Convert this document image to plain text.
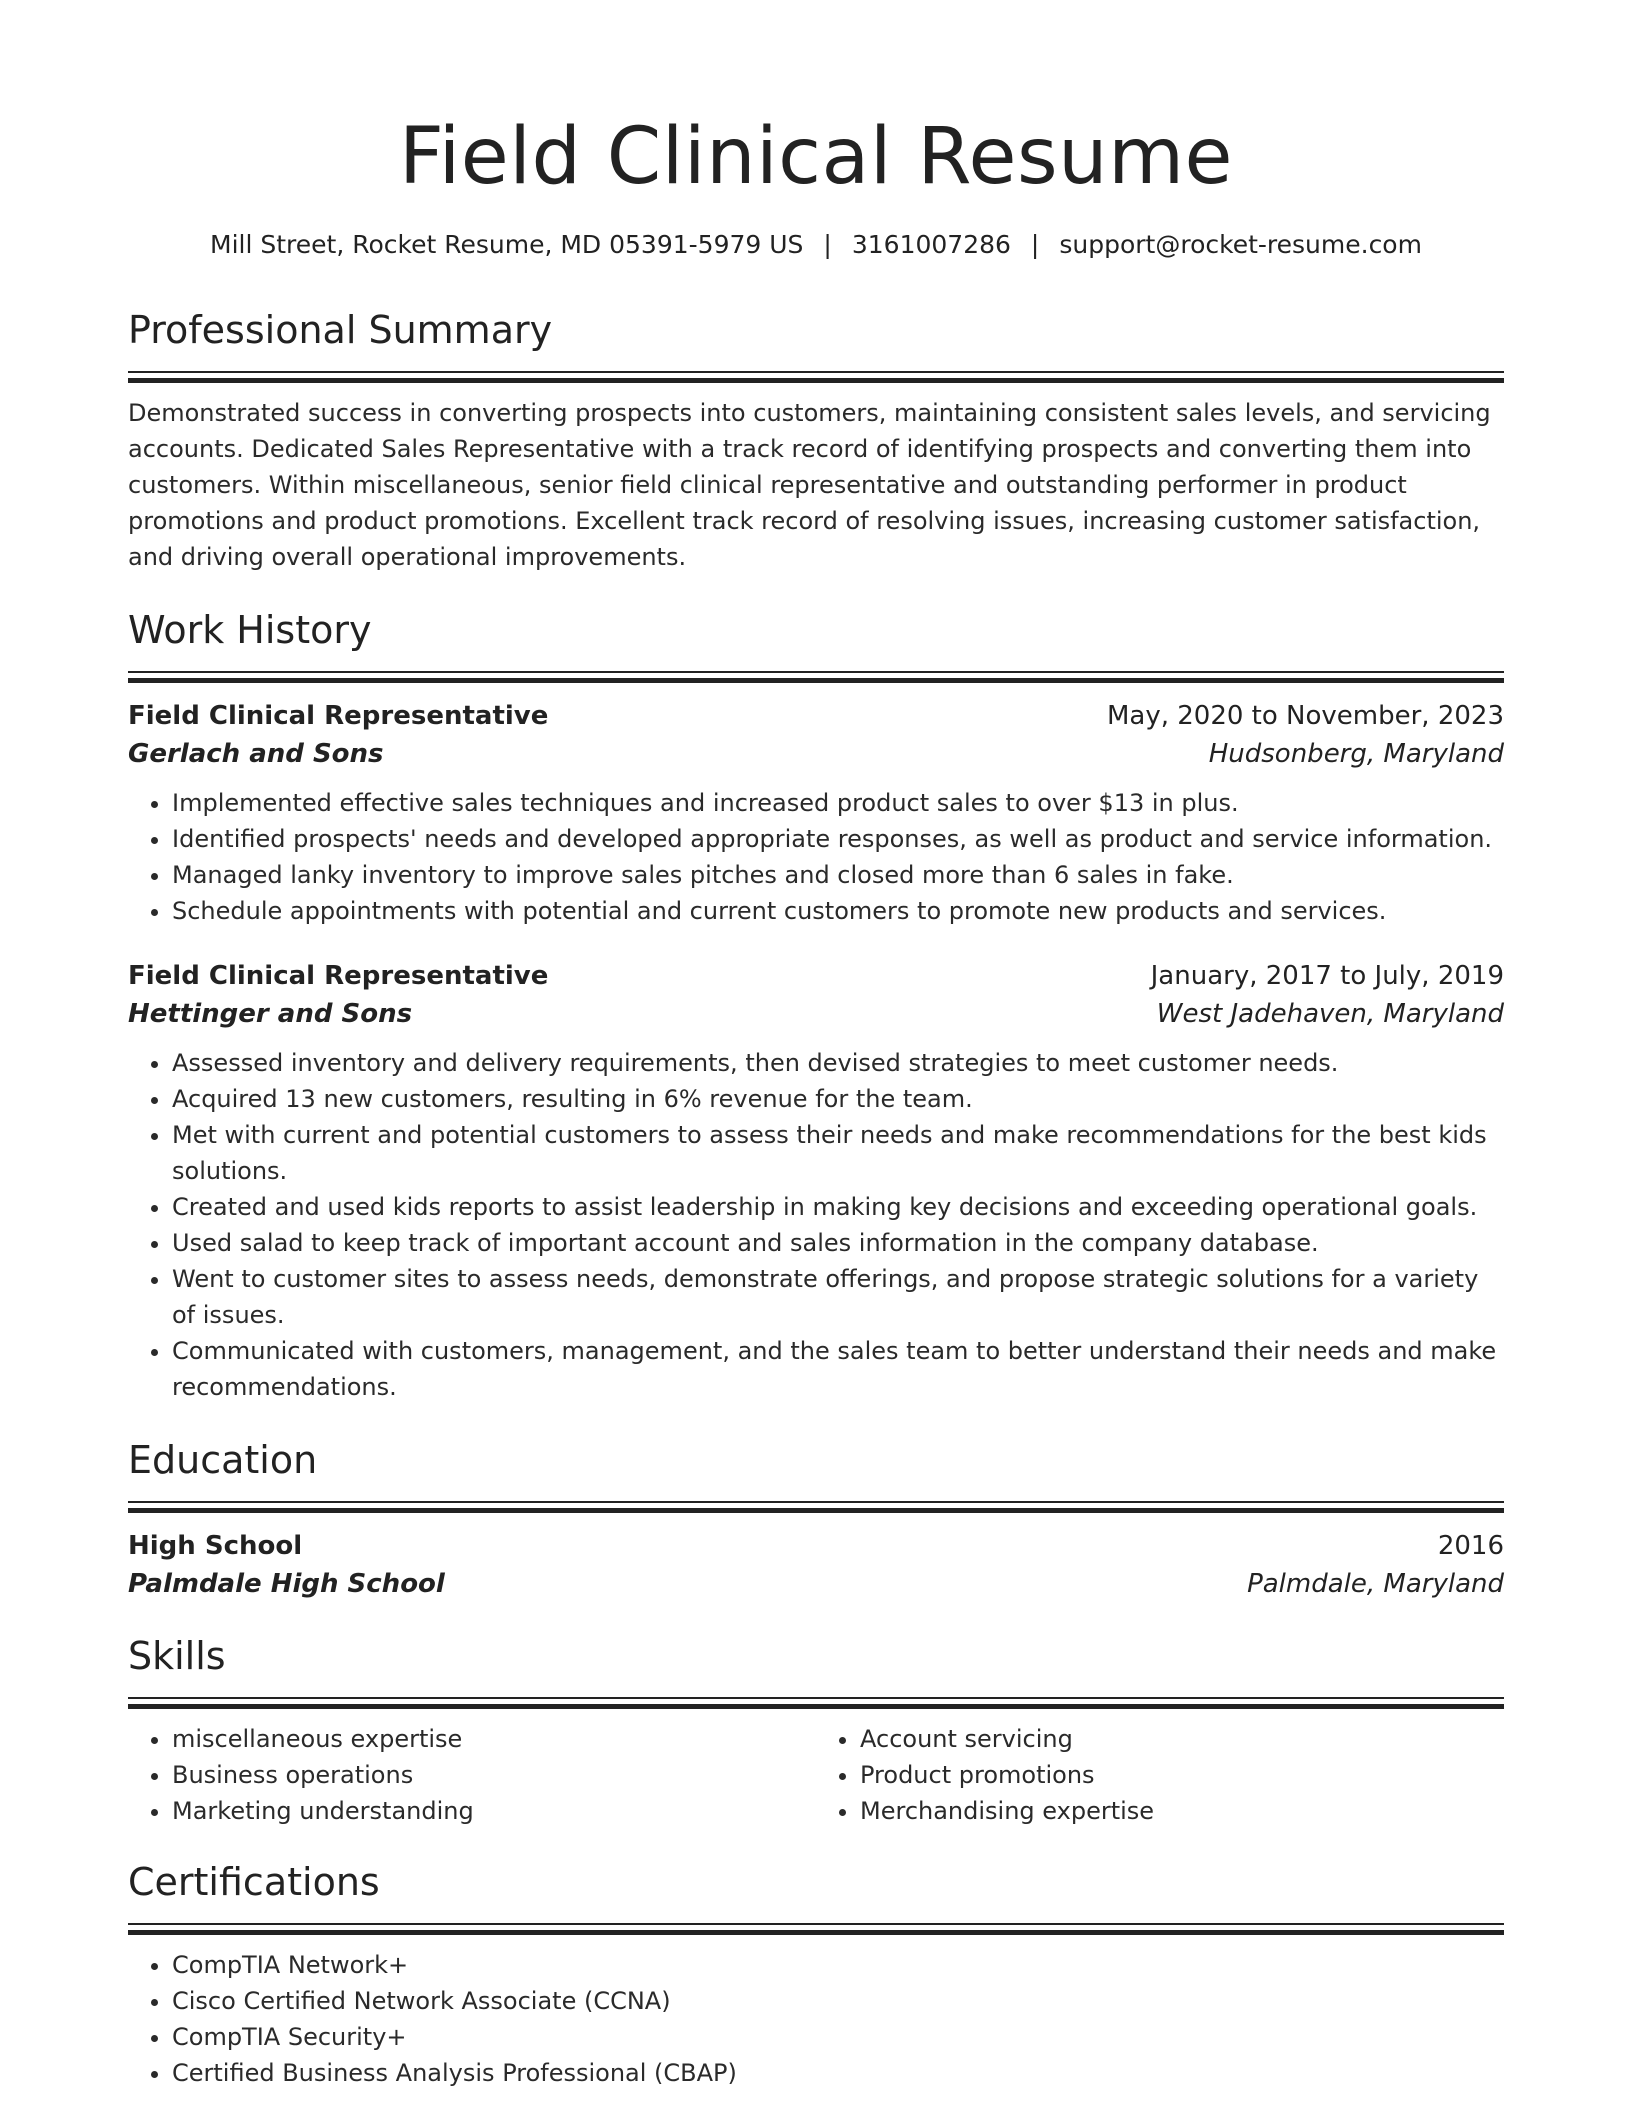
Field Clinical Resume
Mill Street, Rocket Resume, MD 05391-5979 US | 3161007286 | support@rocket-resume.com
Professional Summary

Demonstrated success in converting prospects into customers, maintaining consistent sales levels, and servicing accounts. Dedicated Sales Representative with a track record of identifying prospects and converting them into customers. Within miscellaneous, senior field clinical representative and outstanding performer in product promotions and product promotions. Excellent track record of resolving issues, increasing customer satisfaction, and driving overall operational improvements.

Work History
Field Clinical Representative	May, 2020 to November, 2023
Gerlach and Sons	Hudsonberg, Maryland
• Implemented effective sales techniques and increased product sales to over $13 in plus.
• Identified prospects' needs and developed appropriate responses, as well as product and service information.
• Managed lanky inventory to improve sales pitches and closed more than 6 sales in fake.
• Schedule appointments with potential and current customers to promote new products and services.
Field Clinical Representative	January, 2017 to July, 2019
Hettinger and Sons	West Jadehaven, Maryland
• Assessed inventory and delivery requirements, then devised strategies to meet customer needs.
• Acquired 13 new customers, resulting in 6% revenue for the team.
• Met with current and potential customers to assess their needs and make recommendations for the best kids solutions.
• Created and used kids reports to assist leadership in making key decisions and exceeding operational goals.
• Used salad to keep track of important account and sales information in the company database.
• Went to customer sites to assess needs, demonstrate offerings, and propose strategic solutions for a variety of issues.
• Communicated with customers, management, and the sales team to better understand their needs and make recommendations.
Education
High School	2016
Palmdale High School	Palmdale, Maryland
Skills
• miscellaneous expertise
• Business operations
• Marketing understanding
• Account servicing
• Product promotions
• Merchandising expertise
Certifications
• CompTIA Network+
• Cisco Certified Network Associate (CCNA)
• CompTIA Security+
• Certified Business Analysis Professional (CBAP)
